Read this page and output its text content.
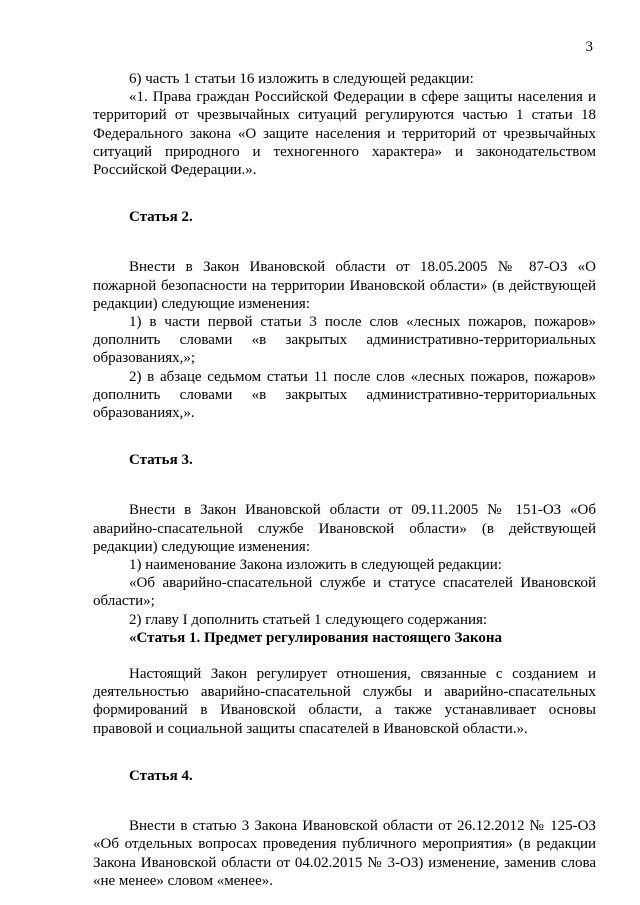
3

6) часть 1 статьи 16 изложить в следующей редакции:

«1. Права граждан Российской Федерации в сфере защиты населения и территорий от чрезвычайных ситуаций регулируются частью 1 статьи 18 Федерального закона «О защите населения и территорий от чрезвычайных ситуаций природного и техногенного характера» и законодательством Российской Федерации.».

Статья 2.

Внести в Закон Ивановской области от 18.05.2005 № 87-ОЗ «О пожарной безопасности на территории Ивановской области» (в действующей редакции) следующие изменения:

1) в части первой статьи 3 после слов «лесных пожаров, пожаров» дополнить словами «в закрытых административно-территориальных образованиях,»;

2) в абзаце седьмом статьи 11 после слов «лесных пожаров, пожаров» дополнить словами «в закрытых административно-территориальных образованиях,».

Статья 3.

Внести в Закон Ивановской области от 09.11.2005 № 151-ОЗ «Об аварийно-спасательной службе Ивановской области» (в действующей редакции) следующие изменения:

1) наименование Закона изложить в следующей редакции:

«Об аварийно-спасательной службе и статусе спасателей Ивановской области»;

2) главу I дополнить статьей 1 следующего содержания:

«Статья 1. Предмет регулирования настоящего Закона

Настоящий Закон регулирует отношения, связанные с созданием и деятельностью аварийно-спасательной службы и аварийно-спасательных формирований в Ивановской области, а также устанавливает основы правовой и социальной защиты спасателей в Ивановской области.».

Статья 4.

Внести в статью 3 Закона Ивановской области от 26.12.2012 № 125-ОЗ «Об отдельных вопросах проведения публичного мероприятия» (в редакции Закона Ивановской области от 04.02.2015 № 3-ОЗ) изменение, заменив слова «не менее» словом «менее».
